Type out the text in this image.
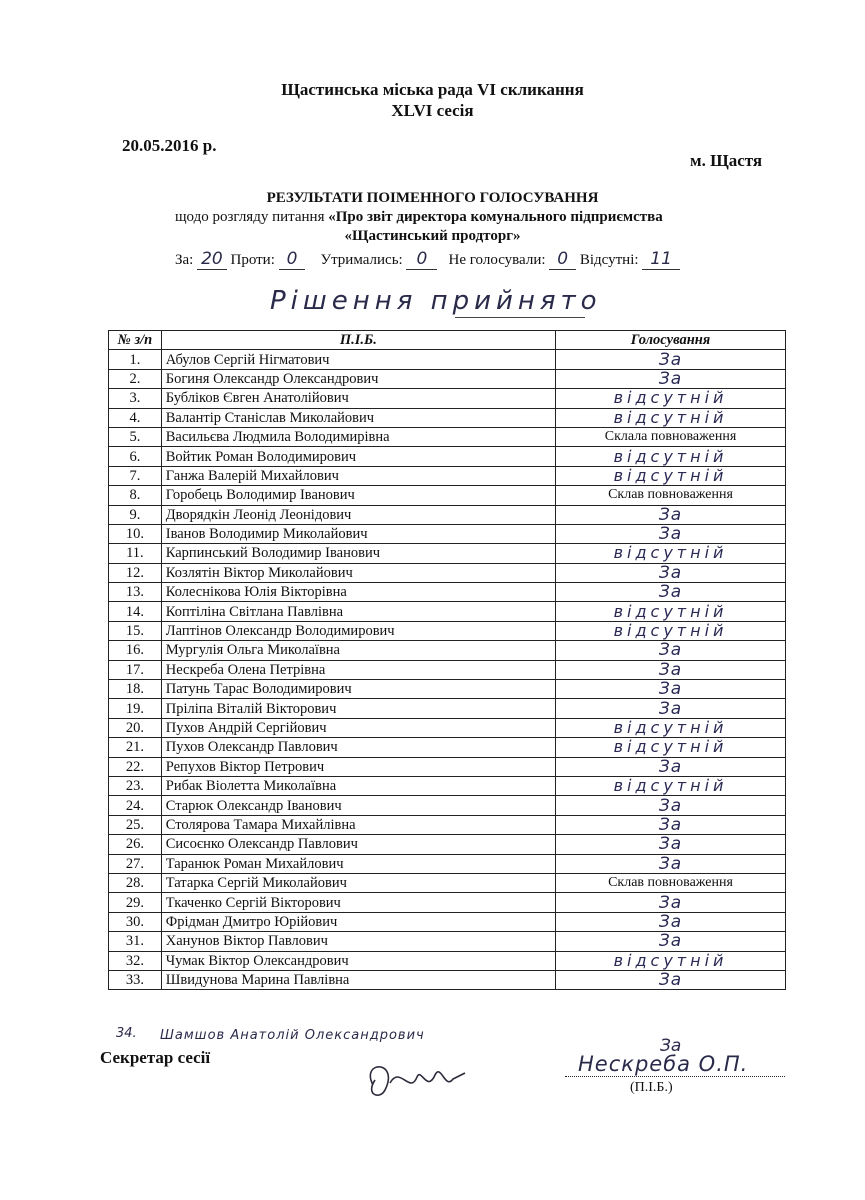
Щастинська міська рада VI скликання
XLVI сесія
20.05.2016 р.
м. Щастя
РЕЗУЛЬТАТИ ПОІМЕННОГО ГОЛОСУВАННЯ
щодо розгляду питання «Про звіт директора комунального підприємства
«Щастинський продторг»
За: 20 Проти: 0 Утримались: 0 Не голосували: 0 Відсутні: 11
Рішення прийнято
№ з/п	П.І.Б.	Голосування
1.	Абулов Сергій Нігматович	За

2.	Богиня Олександр Олександрович	За

3.	Бубліков Євген Анатолійович	відсутній

4.	Валантір Станіслав Миколайович	відсутній

5.	Васильєва Людмила Володимирівна	Склала повноваження

6.	Войтик Роман Володимирович	відсутній

7.	Ганжа Валерій Михайлович	відсутній

8.	Горобець Володимир Іванович	Склав повноваження

9.	Дворядкін Леонід Леонідович	За

10.	Іванов Володимир Миколайович	За

11.	Карпинський Володимир Іванович	відсутній

12.	Козлятін Віктор Миколайович	За

13.	Колеснікова Юлія Вікторівна	За

14.	Коптіліна Світлана Павлівна	відсутній

15.	Лаптінов Олександр Володимирович	відсутній

16.	Мургулія Ольга Миколаївна	За

17.	Нескреба Олена Петрівна	За

18.	Патунь Тарас Володимирович	За

19.	Пріліпа Віталій Вікторович	За

20.	Пухов Андрій Сергійович	відсутній

21.	Пухов Олександр Павлович	відсутній

22.	Репухов Віктор Петрович	За

23.	Рибак Віолетта Миколаївна	відсутній

24.	Старюк Олександр Іванович	За

25.	Столярова Тамара Михайлівна	За

26.	Сисоєнко Олександр Павлович	За

27.	Таранюк Роман Михайлович	За

28.	Татарка Сергій Миколайович	Склав повноваження

29.	Ткаченко Сергій Вікторович	За

30.	Фрідман Дмитро Юрійович	За

31.	Ханунов Віктор Павлович	За

32.	Чумак Віктор Олександрович	відсутній

33.	Швидунова Марина Павлівна	За
34. Шамшов Анатолій Олександрович
За
Секретар сесії	Нескреба О.П.
(П.І.Б.)
